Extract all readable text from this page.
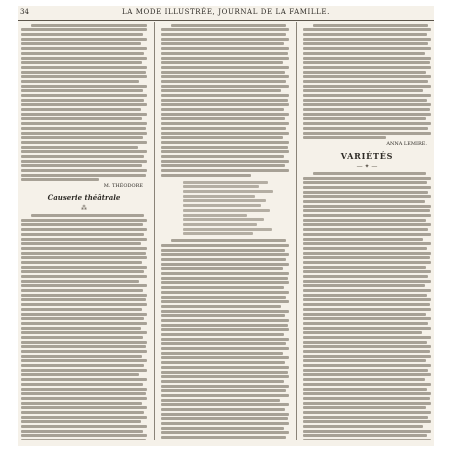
34	LA MODE ILLUSTRÉE, JOURNAL DE LA FAMILLE.
M. THÉODORE
Causerie théâtrale
⁂
ANNA LEMIRE.
VARIÉTÉS
— ✦ —
